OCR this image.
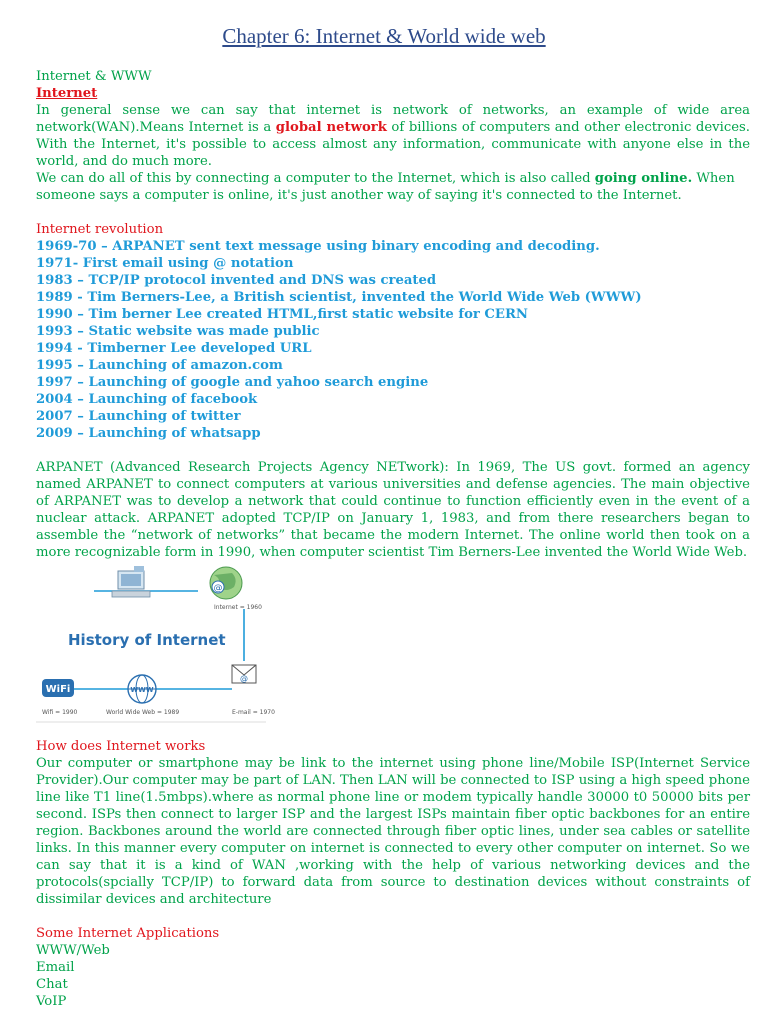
Chapter 6: Internet & World wide web

Internet & WWW

Internet

In general sense we can say that internet is network of networks, an example of wide area network(WAN).Means Internet is a global network of billions of computers and other electronic devices. With the Internet, it's possible to access almost any information, communicate with anyone else in the world, and do much more.

We can do all of this by connecting a computer to the Internet, which is also called going online. When someone says a computer is online, it's just another way of saying it's connected to the Internet.

Internet revolution

1969-70 – ARPANET sent text message using binary encoding and decoding.

1971- First email using @ notation

1983 – TCP/IP protocol invented and DNS was created

1989 - Tim Berners-Lee, a British scientist, invented the World Wide Web (WWW)

1990 – Tim berner Lee created HTML,first static website for CERN

1993 – Static website was made public

1994 - Timberner Lee developed URL

1995 – Launching of amazon.com

1997 – Launching of google and yahoo search engine

2004 – Launching of facebook

2007 – Launching of twitter

2009 – Launching of whatsapp

ARPANET (Advanced Research Projects Agency NETwork): In 1969, The US govt. formed an agency named ARPANET to connect computers at various universities and defense agencies. The main objective of ARPANET was to develop a network that could continue to function efficiently even in the event of a nuclear attack. ARPANET adopted TCP/IP on January 1, 1983, and from there researchers began to assemble the “network of networks” that became the modern Internet. The online world then took on a more recognizable form in 1990, when computer scientist Tim Berners-Lee invented the World Wide Web.

@
Internet = 1960
History of Internet
@
E-mail = 1970
WiFi
Wifi = 1990
WWW
World Wide Web = 1989

How does Internet works

Our computer or smartphone may be link to the internet using phone line/Mobile ISP(Internet Service Provider).Our computer may be part of LAN. Then LAN will be connected to ISP using a high speed phone line like T1 line(1.5mbps).where as normal phone line or modem typically handle 30000 t0 50000 bits per second. ISPs then connect to larger ISP and the largest ISPs maintain fiber optic backbones for an entire region. Backbones around the world are connected through fiber optic lines, under sea cables or satellite links. In this manner every computer on internet is connected to every other computer on internet. So we can say that it is a kind of WAN ,working with the help of various networking devices and the protocols(spcially TCP/IP) to forward data from source to destination devices without constraints of dissimilar devices and architecture

Some Internet Applications

WWW/Web

Email

Chat

VoIP
